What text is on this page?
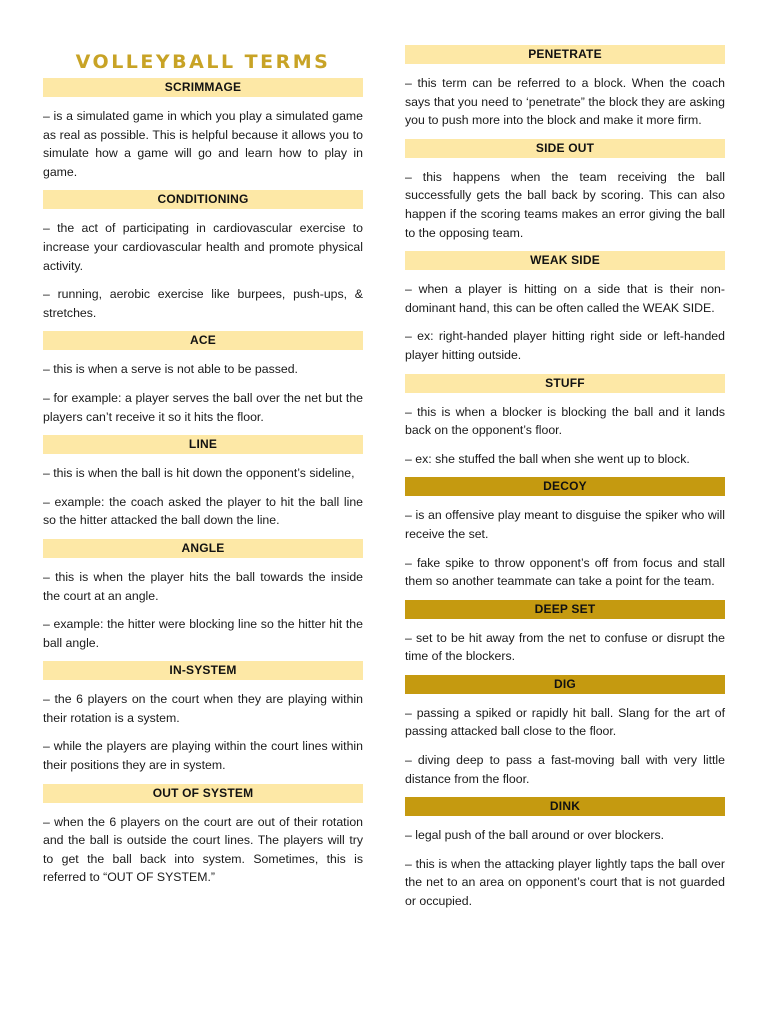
VOLLEYBALL TERMS
SCRIMMAGE

– is a simulated game in which you play a simulated game as real as possible. This is helpful because it allows you to simulate how a game will go and learn how to play in game.

CONDITIONING

– the act of participating in cardiovascular exercise to increase your cardiovascular health and promote physical activity.

– running, aerobic exercise like burpees, push-ups, & stretches.

ACE

– this is when a serve is not able to be passed.

– for example: a player serves the ball over the net but the players can’t receive it so it hits the floor.

LINE

– this is when the ball is hit down the opponent’s sideline,

– example: the coach asked the player to hit the ball line so the hitter attacked the ball down the line.

ANGLE

– this is when the player hits the ball towards the inside the court at an angle.

– example: the hitter were blocking line so the hitter hit the ball angle.

IN-SYSTEM

– the 6 players on the court when they are playing within their rotation is a system.

– while the players are playing within the court lines within their positions they are in system.

OUT OF SYSTEM

– when the 6 players on the court are out of their rotation and the ball is outside the court lines. The players will try to get the ball back into system. Sometimes, this is referred to “OUT OF SYSTEM.”

PENETRATE

– this term can be referred to a block. When the coach says that you need to ‘penetrate” the block they are asking you to push more into the block and make it more firm.

SIDE OUT

– this happens when the team receiving the ball successfully gets the ball back by scoring. This can also happen if the scoring teams makes an error giving the ball to the opposing team.

WEAK SIDE

– when a player is hitting on a side that is their non-dominant hand, this can be often called the WEAK SIDE.

– ex: right-handed player hitting right side or left-handed player hitting outside.

STUFF

– this is when a blocker is blocking the ball and it lands back on the opponent’s floor.

– ex: she stuffed the ball when she went up to block.

DECOY

– is an offensive play meant to disguise the spiker who will receive the set.

– fake spike to throw opponent’s off from focus and stall them so another teammate can take a point for the team.

DEEP SET

– set to be hit away from the net to confuse or disrupt the time of the blockers.

DIG

– passing a spiked or rapidly hit ball. Slang for the art of passing attacked ball close to the floor.

– diving deep to pass a fast-moving ball with very little distance from the floor.

DINK

– legal push of the ball around or over blockers.

– this is when the attacking player lightly taps the ball over the net to an area on opponent’s court that is not guarded or occupied.
